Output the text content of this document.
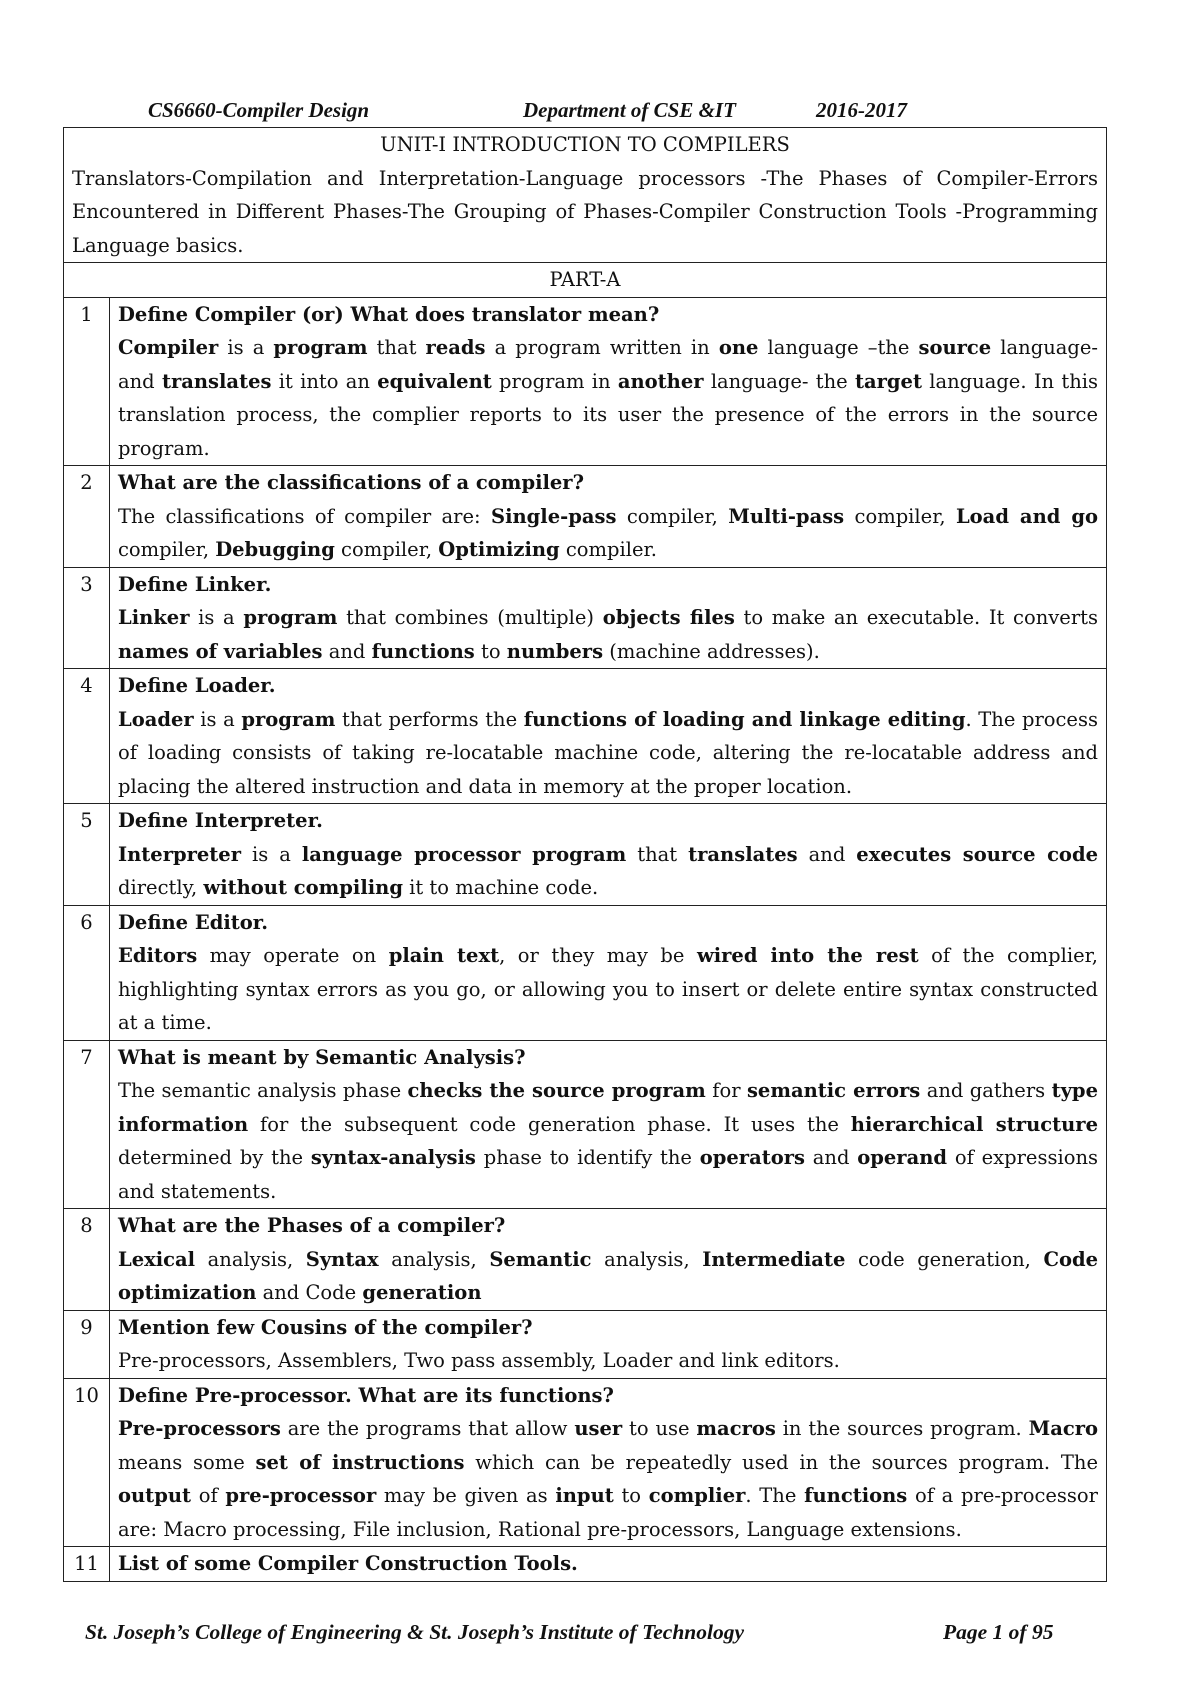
CS6660-Compiler Design	Department of CSE &IT	2016-2017
UNIT-I INTRODUCTION TO COMPILERS
Translators-Compilation and Interpretation-Language processors -The Phases of Compiler-Errors Encountered in Different Phases-The Grouping of Phases-Compiler Construction Tools -Programming Language basics.	

PART-A	
1	Define Compiler (or) What does translator mean?
Compiler is a program that reads a program written in one language –the source language- and translates it into an equivalent program in another language- the target language. In this translation process, the complier reports to its user the presence of the errors in the source program.

2	What are the classifications of a compiler?
The classifications of compiler are: Single-pass compiler, Multi-pass compiler, Load and go compiler, Debugging compiler, Optimizing compiler.

3	Define Linker.
Linker is a program that combines (multiple) objects files to make an executable. It converts names of variables and functions to numbers (machine addresses).

4	Define Loader.
Loader is a program that performs the functions of loading and linkage editing. The process of loading consists of taking re-locatable machine code, altering the re-locatable address and placing the altered instruction and data in memory at the proper location.

5	Define Interpreter.
Interpreter is a language processor program that translates and executes source code directly, without compiling it to machine code.

6	Define Editor.
Editors may operate on plain text, or they may be wired into the rest of the complier, highlighting syntax errors as you go, or allowing you to insert or delete entire syntax constructed at a time.

7	What is meant by Semantic Analysis?
The semantic analysis phase checks the source program for semantic errors and gathers type information for the subsequent code generation phase. It uses the hierarchical structure determined by the syntax-analysis phase to identify the operators and operand of expressions and statements.

8	What are the Phases of a compiler?
Lexical analysis, Syntax analysis, Semantic analysis, Intermediate code generation, Code optimization and Code generation

9	Mention few Cousins of the compiler?
Pre-processors, Assemblers, Two pass assembly, Loader and link editors.

10	Define Pre-processor. What are its functions?
Pre-processors are the programs that allow user to use macros in the sources program. Macro means some set of instructions which can be repeatedly used in the sources program. The output of pre-processor may be given as input to complier. The functions of a pre-processor are: Macro processing, File inclusion, Rational pre-processors, Language extensions.

11	List of some Compiler Construction Tools.
St. Joseph’s College of Engineering & St. Joseph’s Institute of Technology	Page 1 of 95
